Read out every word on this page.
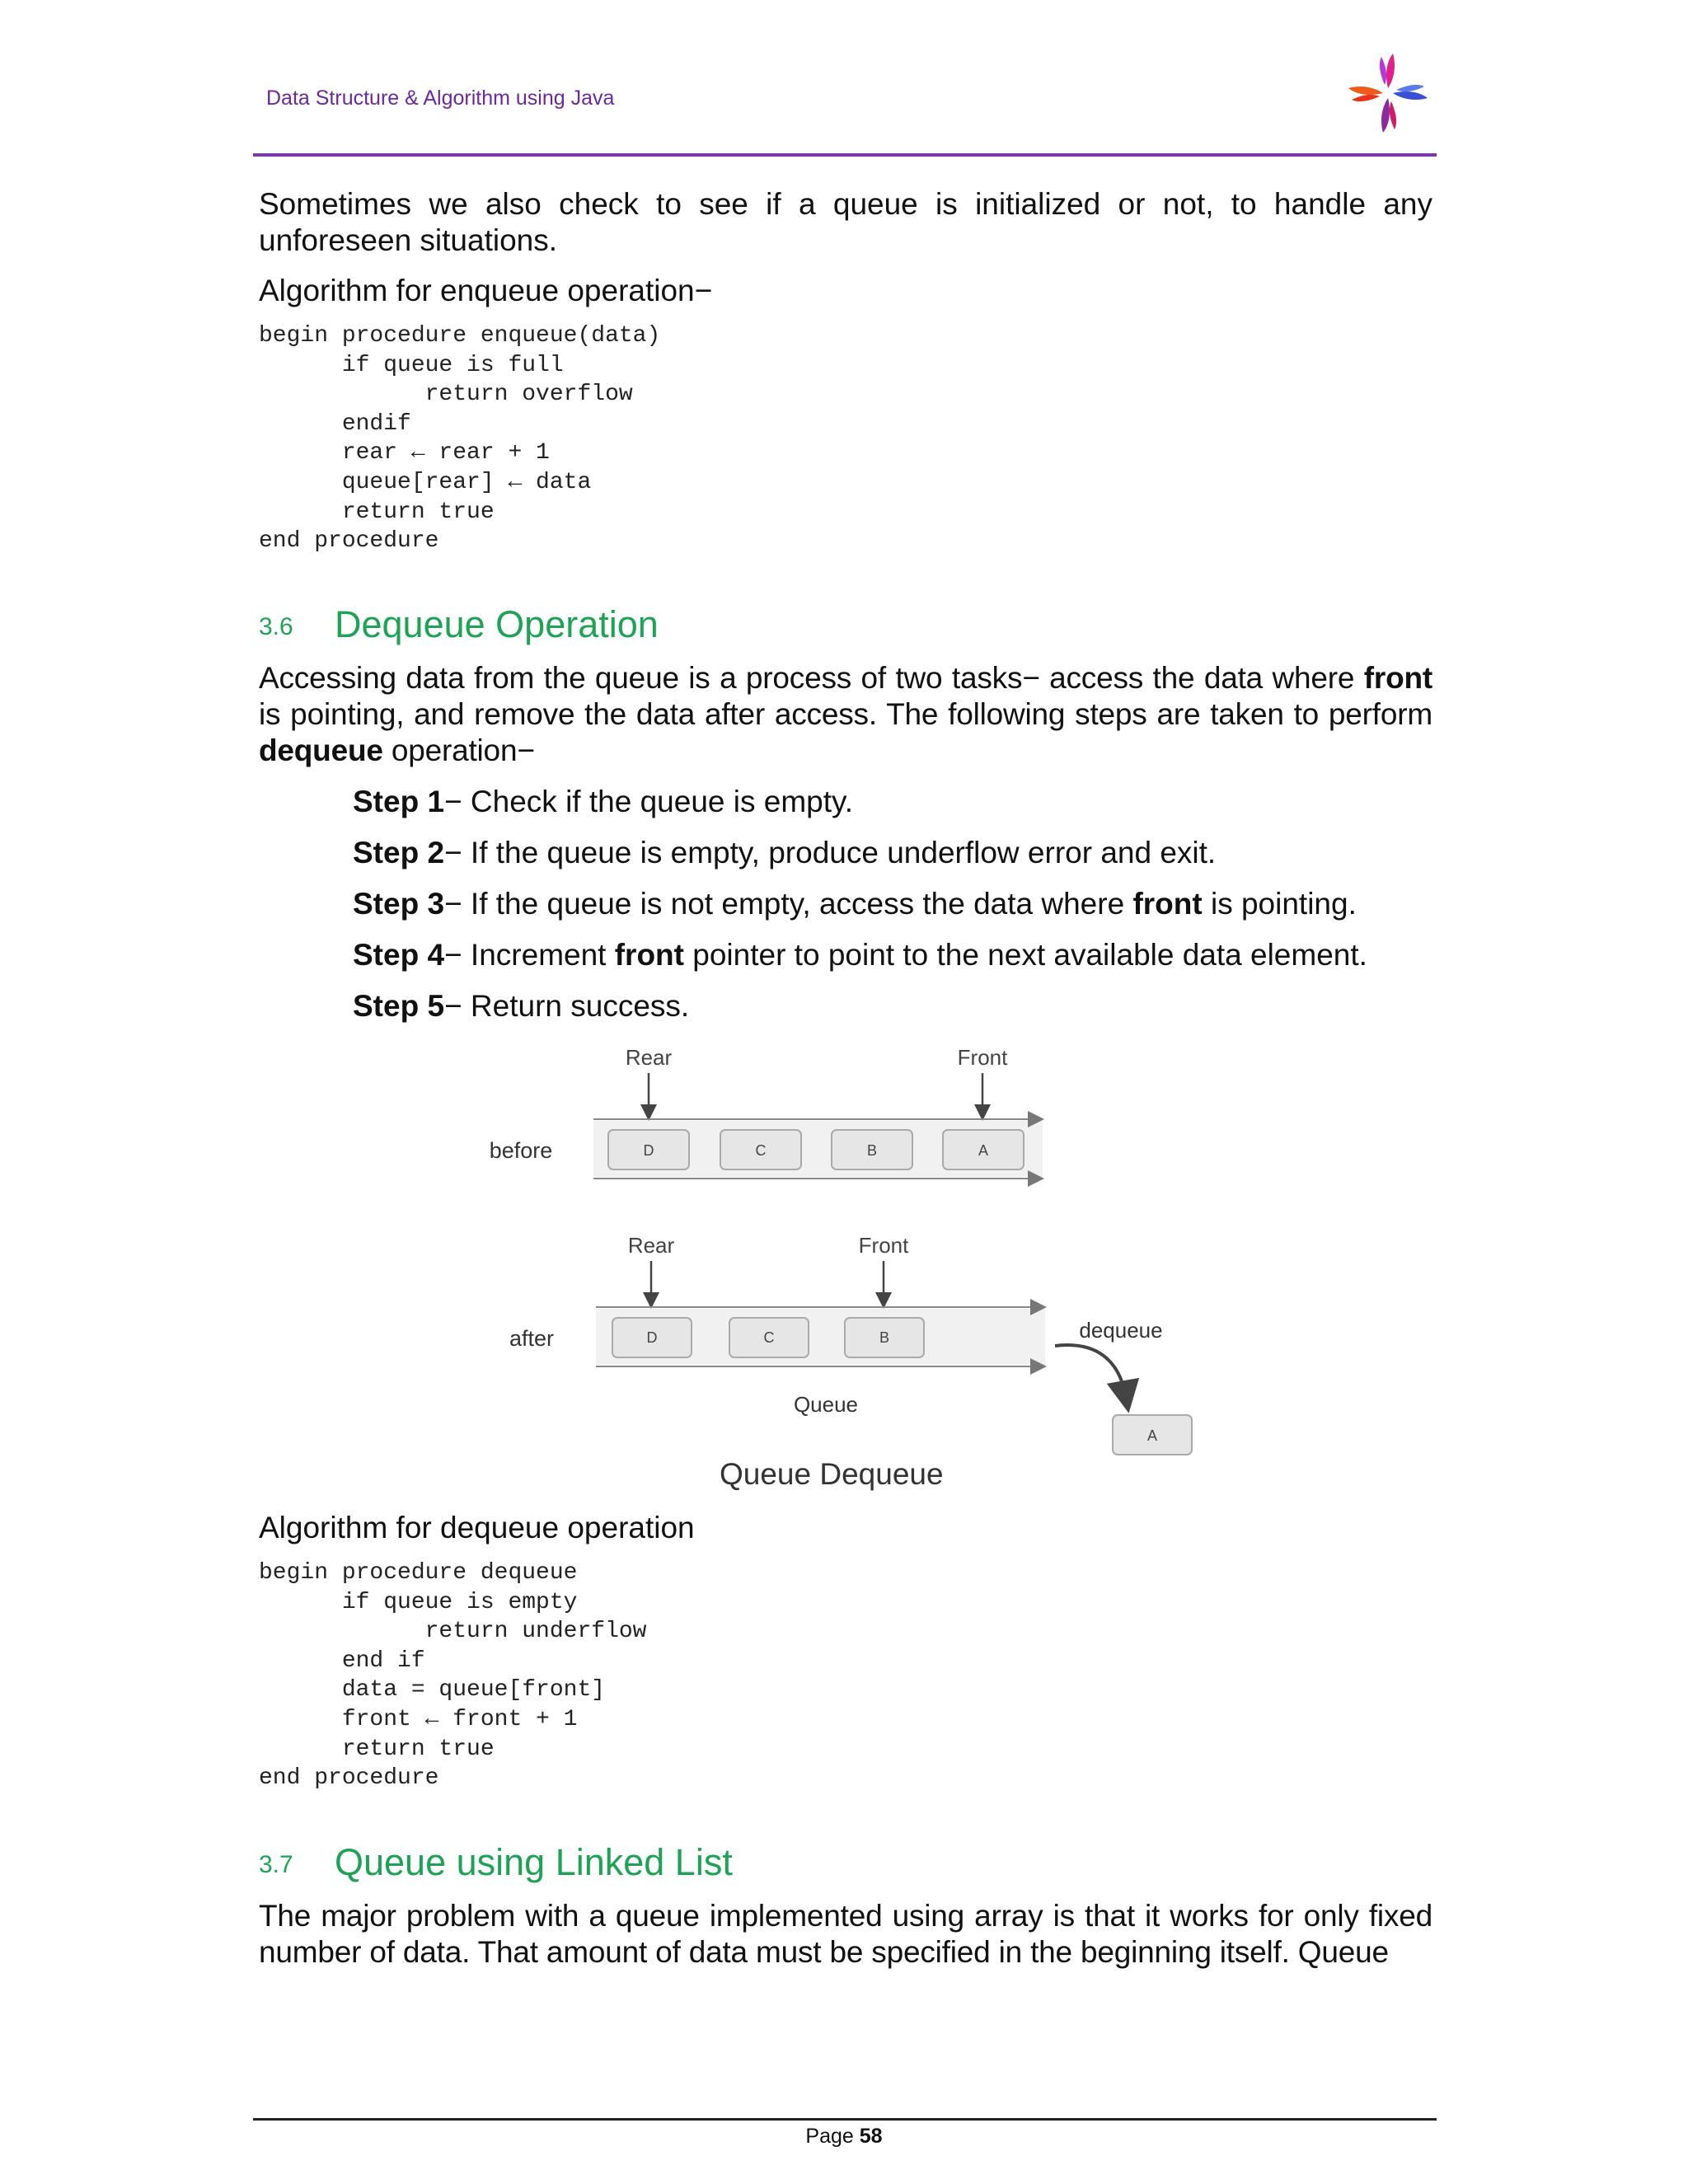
Data Structure & Algorithm using Java

Sometimes we also check to see if a queue is initialized or not, to handle any unforeseen situations.

Algorithm for enqueue operation−

begin procedure enqueue(data)
if queue is full
return overflow
endif
rear ← rear + 1
queue[rear] ← data
return true
end procedure
3.6 Dequeue Operation

Accessing data from the queue is a process of two tasks− access the data where front is pointing, and remove the data after access. The following steps are taken to perform dequeue operation−

Step 1− Check if the queue is empty.
Step 2− If the queue is empty, produce underflow error and exit.
Step 3− If the queue is not empty, access the data where front is pointing.
Step 4− Increment front pointer to point to the next available data element.
Step 5− Return success.
Rear	Front
before	D	C	B	A
Rear	Front
after	D	C	B	dequeue
A
Queue
Queue Dequeue

Algorithm for dequeue operation

begin procedure dequeue
if queue is empty
return underflow
end if
data = queue[front]
front ← front + 1
return true
end procedure
3.7 Queue using Linked List

The major problem with a queue implemented using array is that it works for only fixed number of data. That amount of data must be specified in the beginning itself. Queue

Page 58
